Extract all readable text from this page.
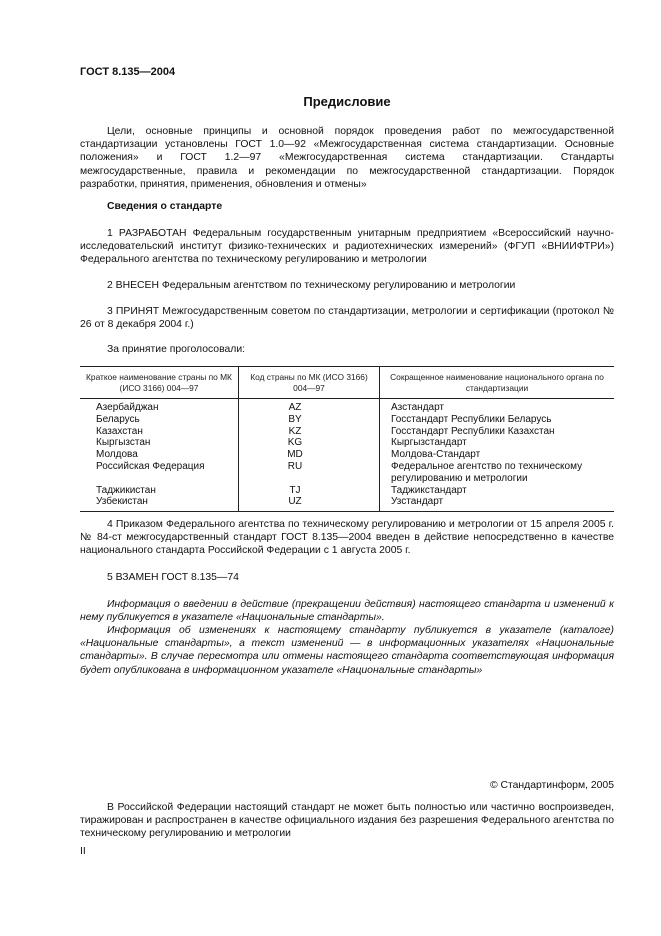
ГОСТ 8.135—2004
Предисловие

Цели, основные принципы и основной порядок проведения работ по межгосударственной стандартизации установлены ГОСТ 1.0—92 «Межгосударственная система стандартизации. Основные положения» и ГОСТ 1.2—97 «Межгосударственная система стандартизации. Стандарты межгосударственные, правила и рекомендации по межгосударственной стандартизации. Порядок разработки, принятия, применения, обновления и отмены»

Сведения о стандарте

1 РАЗРАБОТАН Федеральным государственным унитарным предприятием «Всероссийский научно-исследовательский институт физико-технических и радиотехнических измерений» (ФГУП «ВНИИФТРИ») Федерального агентства по техническому регулированию и метрологии

2 ВНЕСЕН Федеральным агентством по техническому регулированию и метрологии

3 ПРИНЯТ Межгосударственным советом по стандартизации, метрологии и сертификации (протокол № 26 от 8 декабря 2004 г.)

За принятие проголосовали:
Краткое наименование страны по МК (ИСО 3166) 004—97	Код страны по МК (ИСО 3166) 004—97	Сокращенное наименование национального органа по стандартизации
Азербайджан	AZ	Азстандарт
Беларусь	BY	Госстандарт Республики Беларусь
Казахстан	KZ	Госстандарт Республики Казахстан
Кыргызстан	KG	Кыргызстандарт
Молдова	MD	Молдова-Стандарт
Российская Федерация	RU	Федеральное агентство по техническому регулированию и метрологии
Таджикистан	TJ	Таджикстандарт
Узбекистан	UZ	Узстандарт

4 Приказом Федерального агентства по техническому регулированию и метрологии от 15 апреля 2005 г. № 84-ст межгосударственный стандарт ГОСТ 8.135—2004 введен в действие непосредственно в качестве национального стандарта Российской Федерации с 1 августа 2005 г.

5 ВЗАМЕН ГОСТ 8.135—74

Информация о введении в действие (прекращении действия) настоящего стандарта и изменений к нему публикуется в указателе «Национальные стандарты».

Информация об изменениях к настоящему стандарту публикуется в указателе (каталоге) «Национальные стандарты», а текст изменений — в информационных указателях «Национальные стандарты». В случае пересмотра или отмены настоящего стандарта соответствующая информация будет опубликована в информационном указателе «Национальные стандарты»

© Стандартинформ, 2005

В Российской Федерации настоящий стандарт не может быть полностью или частично воспроизведен, тиражирован и распространен в качестве официального издания без разрешения Федерального агентства по техническому регулированию и метрологии

II
